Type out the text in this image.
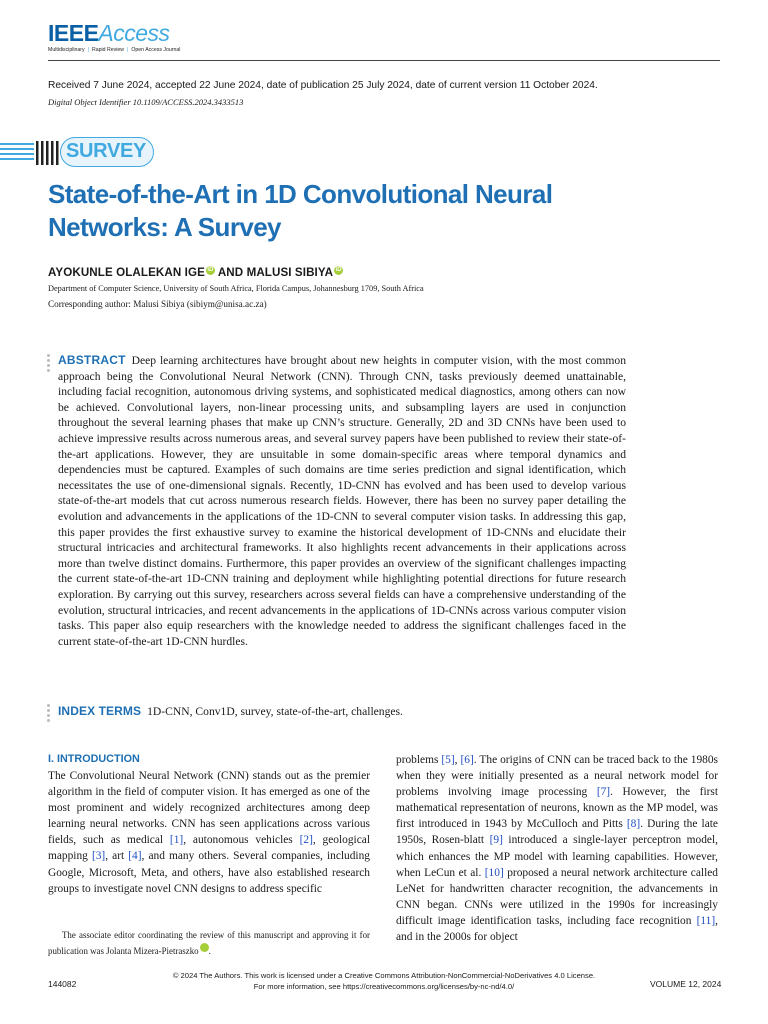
IEEEAccess
Multidisciplinary | Rapid Review | Open Access Journal
Received 7 June 2024, accepted 22 June 2024, date of publication 25 July 2024, date of current version 11 October 2024.
Digital Object Identifier 10.1109/ACCESS.2024.3433513
SURVEY
State-of-the-Art in 1D Convolutional Neural Networks: A Survey
AYOKUNLE OLALEKAN IGE iD AND MALUSI SIBIYA iD
Department of Computer Science, University of South Africa, Florida Campus, Johannesburg 1709, South Africa
Corresponding author: Malusi Sibiya (sibiym@unisa.ac.za)
ABSTRACT Deep learning architectures have brought about new heights in computer vision, with the most common approach being the Convolutional Neural Network (CNN). Through CNN, tasks previously deemed unattainable, including facial recognition, autonomous driving systems, and sophisticated medical diagnostics, among others can now be achieved. Convolutional layers, non-linear processing units, and subsampling layers are used in conjunction throughout the several learning phases that make up CNN’s structure. Generally, 2D and 3D CNNs have been used to achieve impressive results across numerous areas, and several survey papers have been published to review their state-of-the-art applications. However, they are unsuitable in some domain-specific areas where temporal dynamics and dependencies must be captured. Examples of such domains are time series prediction and signal identification, which necessitates the use of one-dimensional signals. Recently, 1D-CNN has evolved and has been used to develop various state-of-the-art models that cut across numerous research fields. However, there has been no survey paper detailing the evolution and advancements in the applications of the 1D-CNN to several computer vision tasks. In addressing this gap, this paper provides the first exhaustive survey to examine the historical development of 1D-CNNs and elucidate their structural intricacies and architectural frameworks. It also highlights recent advancements in their applications across more than twelve distinct domains. Furthermore, this paper provides an overview of the significant challenges impacting the current state-of-the-art 1D-CNN training and deployment while highlighting potential directions for future research exploration. By carrying out this survey, researchers across several fields can have a comprehensive understanding of the evolution, structural intricacies, and recent advancements in the applications of 1D-CNNs across various computer vision tasks. This paper also equip researchers with the knowledge needed to address the significant challenges faced in the current state-of-the-art 1D-CNN hurdles.
INDEX TERMS 1D-CNN, Conv1D, survey, state-of-the-art, challenges.
I. INTRODUCTION
The Convolutional Neural Network (CNN) stands out as the premier algorithm in the field of computer vision. It has emerged as one of the most prominent and widely recognized architectures among deep learning neural networks. CNN has seen applications across various fields, such as medical [1], autonomous vehicles [2], geological mapping [3], art [4], and many others. Several companies, including Google, Microsoft, Meta, and others, have also established research groups to investigate novel CNN designs to address specific
The associate editor coordinating the review of this manuscript and approving it for publication was Jolanta Mizera-Pietraszko	iD.
problems [5], [6]. The origins of CNN can be traced back to the 1980s when they were initially presented as a neural network model for problems involving image processing [7]. However, the first mathematical representation of neurons, known as the MP model, was first introduced in 1943 by McCulloch and Pitts [8]. During the late 1950s, Rosen-blatt [9] introduced a single-layer perceptron model, which enhances the MP model with learning capabilities. However, when LeCun et al. [10] proposed a neural network architecture called LeNet for handwritten character recognition, the advancements in CNN began. CNNs were utilized in the 1990s for increasingly difficult image identification tasks, including face recognition [11], and in the 2000s for object
© 2024 The Authors. This work is licensed under a Creative Commons Attribution-NonCommercial-NoDerivatives 4.0 License.
For more information, see https://creativecommons.org/licenses/by-nc-nd/4.0/
144082	VOLUME 12, 2024
